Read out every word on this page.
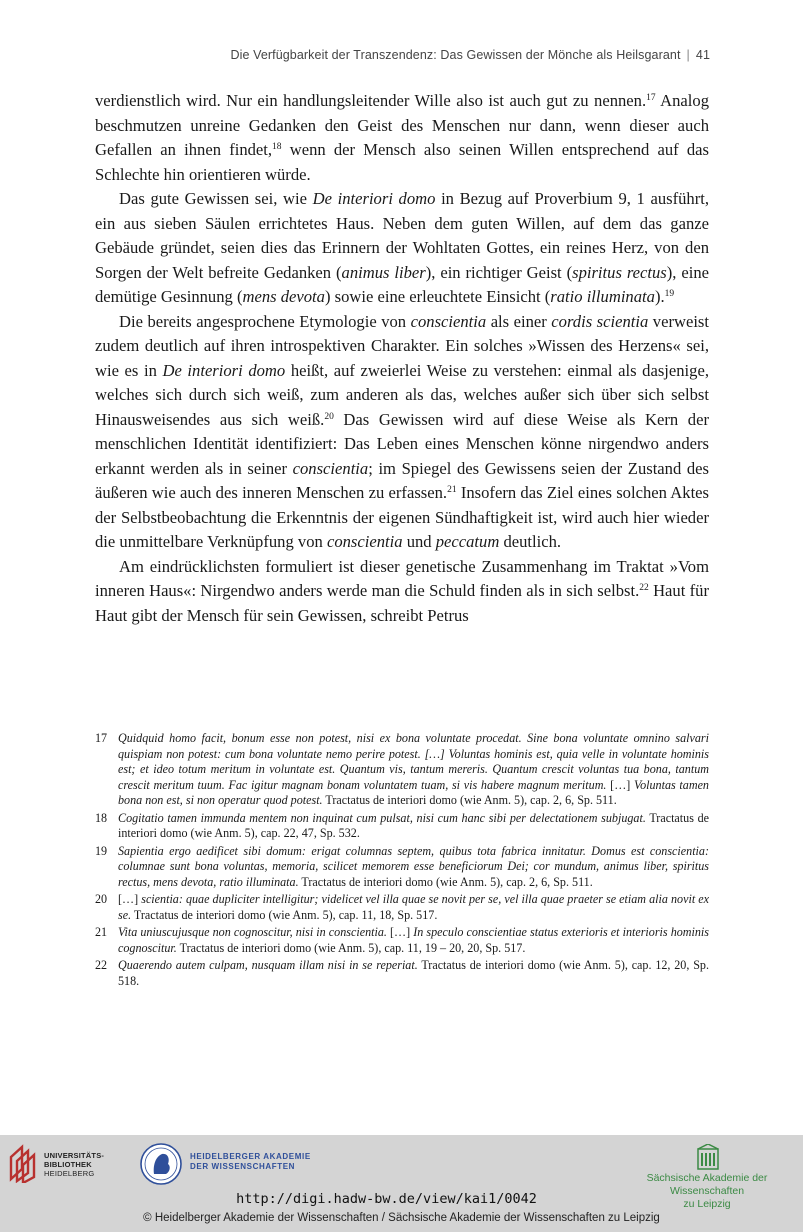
Die Verfügbarkeit der Transzendenz: Das Gewissen der Mönche als Heilsgarant | 41

verdienstlich wird. Nur ein handlungsleitender Wille also ist auch gut zu nennen.$^{17}$ Analog beschmutzen unreine Gedanken den Geist des Menschen nur dann, wenn dieser auch Gefallen an ihnen findet,$^{18}$ wenn der Mensch also seinen Willen entsprechend auf das Schlechte hin orientieren würde.

Das gute Gewissen sei, wie De interiori domo in Bezug auf Proverbium 9, 1 ausführt, ein aus sieben Säulen errichtetes Haus. Neben dem guten Willen, auf dem das ganze Gebäude gründet, seien dies das Erinnern der Wohltaten Gottes, ein reines Herz, von den Sorgen der Welt befreite Gedanken (animus liber), ein richtiger Geist (spiritus rectus), eine demütige Gesinnung (mens devota) sowie eine erleuchtete Einsicht (ratio illuminata).$^{19}$

Die bereits angesprochene Etymologie von conscientia als einer cordis scientia verweist zudem deutlich auf ihren introspektiven Charakter. Ein solches »Wissen des Herzens« sei, wie es in De interiori domo heißt, auf zweierlei Weise zu verstehen: einmal als dasjenige, welches sich durch sich weiß, zum anderen als das, welches außer sich über sich selbst Hinausweisendes aus sich weiß.$^{20}$ Das Gewissen wird auf diese Weise als Kern der menschlichen Identität identifiziert: Das Leben eines Menschen könne nirgendwo anders erkannt werden als in seiner conscientia; im Spiegel des Gewissens seien der Zustand des äußeren wie auch des inneren Menschen zu erfassen.$^{21}$ Insofern das Ziel eines solchen Aktes der Selbstbeobachtung die Erkenntnis der eigenen Sündhaftigkeit ist, wird auch hier wieder die unmittelbare Verknüpfung von conscientia und peccatum deutlich.

Am eindrücklichsten formuliert ist dieser genetische Zusammenhang im Traktat »Vom inneren Haus«: Nirgendwo anders werde man die Schuld finden als in sich selbst.$^{22}$ Haut für Haut gibt der Mensch für sein Gewissen, schreibt Petrus

17 Quidquid homo facit, bonum esse non potest, nisi ex bona voluntate procedat. Sine bona voluntate omnino salvari quispiam non potest: cum bona voluntate nemo perire potest. […] Voluntas hominis est, quia velle in voluntate hominis est; et ideo totum meritum in voluntate est. Quantum vis, tantum mereris. Quantum crescit voluntas tua bona, tantum crescit meritum tuum. Fac igitur magnam bonam voluntatem tuam, si vis habere magnum meritum. […] Voluntas tamen bona non est, si non operatur quod potest. Tractatus de interiori domo (wie Anm. 5), cap. 2, 6, Sp. 511.
18 Cogitatio tamen immunda mentem non inquinat cum pulsat, nisi cum hanc sibi per delectationem subjugat. Tractatus de interiori domo (wie Anm. 5), cap. 22, 47, Sp. 532.
19 Sapientia ergo aedificet sibi domum: erigat columnas septem, quibus tota fabrica innitatur. Domus est conscientia: columnae sunt bona voluntas, memoria, scilicet memorem esse beneficiorum Dei; cor mundum, animus liber, spiritus rectus, mens devota, ratio illuminata. Tractatus de interiori domo (wie Anm. 5), cap. 2, 6, Sp. 511.
20 […] scientia: quae dupliciter intelligitur; videlicet vel illa quae se novit per se, vel illa quae praeter se etiam alia novit ex se. Tractatus de interiori domo (wie Anm. 5), cap. 11, 18, Sp. 517.
21 Vita uniuscujusque non cognoscitur, nisi in conscientia. […] In speculo conscientiae status exterioris et interioris hominis cognoscitur. Tractatus de interiori domo (wie Anm. 5), cap. 11, 19 – 20, 20, Sp. 517.
22 Quaerendo autem culpam, nusquam illam nisi in se reperiat. Tractatus de interiori domo (wie Anm. 5), cap. 12, 20, Sp. 518.
UNIVERSITÄTS-
BIBLIOTHEK
HEIDELBERG
HEIDELBERGER AKADEMIE
DER WISSENSCHAFTEN
Sächsische Akademie der Wissenschaften
zu Leipzig
http://digi.hadw-bw.de/view/kai1/0042
© Heidelberger Akademie der Wissenschaften / Sächsische Akademie der Wissenschaften zu Leipzig
